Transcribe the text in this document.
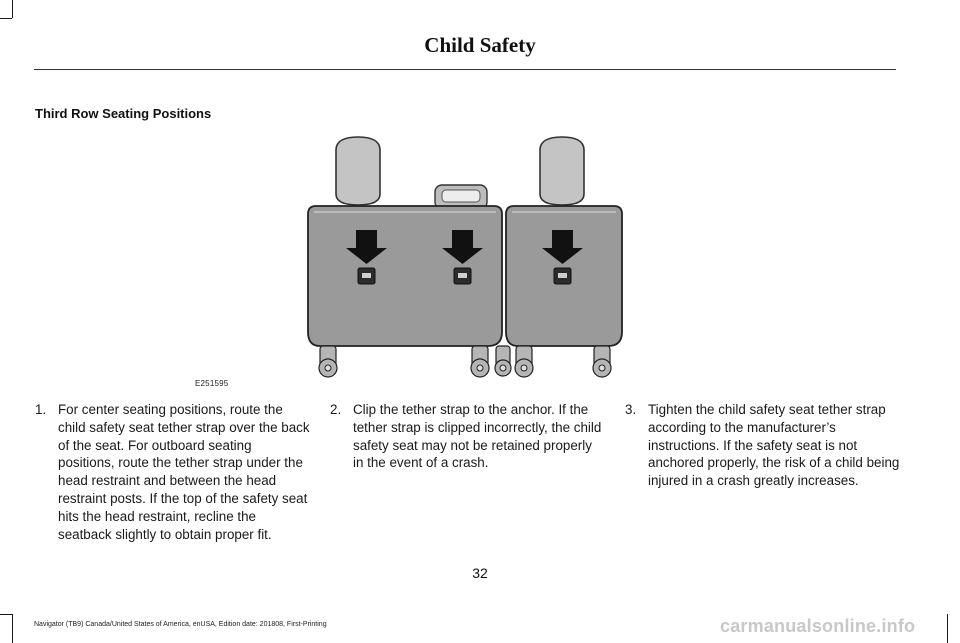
Child Safety
Third Row Seating Positions
E251595
1. For center seating positions, route the child safety seat tether strap over the back of the seat. For outboard seating positions, route the tether strap under the head restraint and between the head restraint posts. If the top of the safety seat hits the head restraint, recline the seatback slightly to obtain proper fit.
2. Clip the tether strap to the anchor. If the tether strap is clipped incorrectly, the child safety seat may not be retained properly in the event of a crash.
3. Tighten the child safety seat tether strap according to the manufacturer’s instructions. If the safety seat is not anchored properly, the risk of a child being injured in a crash greatly increases.
32
Navigator (TB9) Canada/United States of America, enUSA, Edition date: 201808, First-Printing	carmanualsonline.info
